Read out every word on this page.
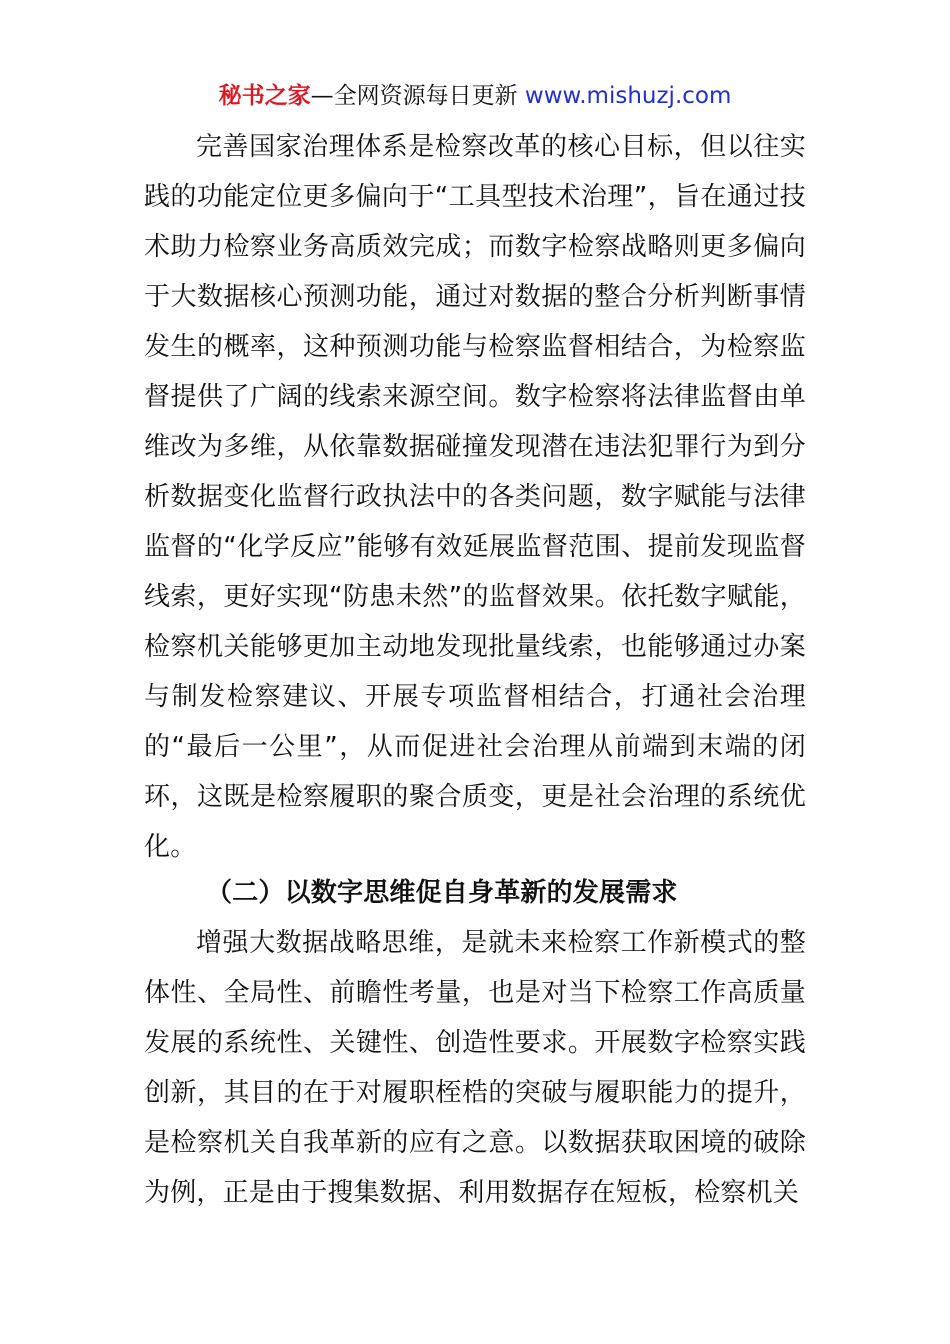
秘书之家—全网资源每日更新 www.mishuzj.com

完善国家治理体系是检察改革的核心目标，但以往实践的功能定位更多偏向于“工具型技术治理”，旨在通过技术助力检察业务高质效完成；而数字检察战略则更多偏向于大数据核心预测功能，通过对数据的整合分析判断事情发生的概率，这种预测功能与检察监督相结合，为检察监督提供了广阔的线索来源空间。数字检察将法律监督由单维改为多维，从依靠数据碰撞发现潜在违法犯罪行为到分析数据变化监督行政执法中的各类问题，数字赋能与法律监督的“化学反应”能够有效延展监督范围、提前发现监督线索，更好实现“防患未然”的监督效果。依托数字赋能，检察机关能够更加主动地发现批量线索，也能够通过办案与制发检察建议、开展专项监督相结合，打通社会治理的“最后一公里”，从而促进社会治理从前端到末端的闭环，这既是检察履职的聚合质变，更是社会治理的系统优化。

（二）以数字思维促自身革新的发展需求

增强大数据战略思维，是就未来检察工作新模式的整体性、全局性、前瞻性考量，也是对当下检察工作高质量发展的系统性、关键性、创造性要求。开展数字检察实践创新，其目的在于对履职桎梏的突破与履职能力的提升，是检察机关自我革新的应有之意。以数据获取困境的破除为例，正是由于搜集数据、利用数据存在短板，检察机关
